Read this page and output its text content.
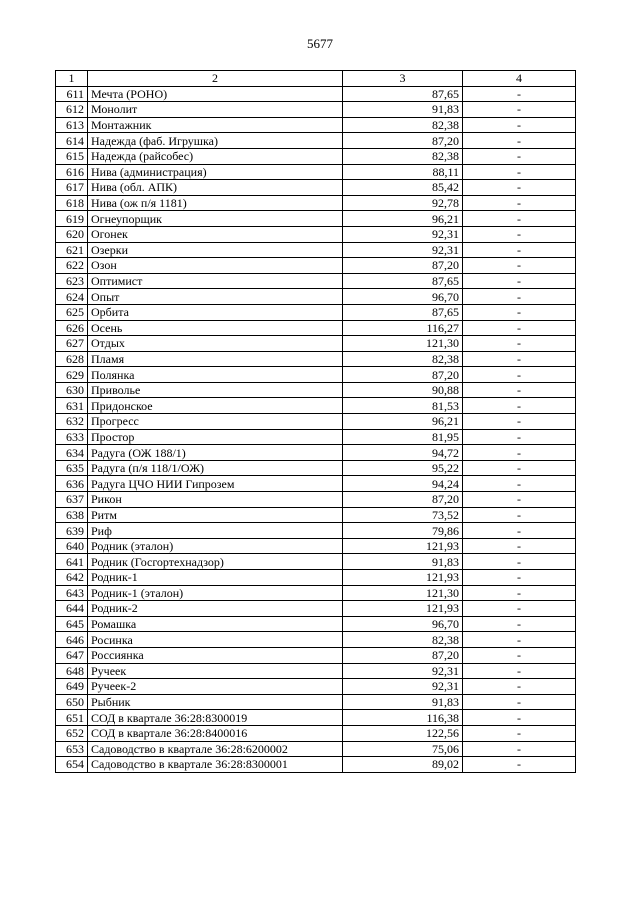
5677
1	2	3	4
611	Мечта (РОНО)	87,65	-
612	Монолит	91,83	-
613	Монтажник	82,38	-
614	Надежда (фаб. Игрушка)	87,20	-
615	Надежда (райсобес)	82,38	-
616	Нива (администрация)	88,11	-
617	Нива (обл. АПК)	85,42	-
618	Нива (ож п/я 1181)	92,78	-
619	Огнеупорщик	96,21	-
620	Огонек	92,31	-
621	Озерки	92,31	-
622	Озон	87,20	-
623	Оптимист	87,65	-
624	Опыт	96,70	-
625	Орбита	87,65	-
626	Осень	116,27	-
627	Отдых	121,30	-
628	Пламя	82,38	-
629	Полянка	87,20	-
630	Приволье	90,88	-
631	Придонское	81,53	-
632	Прогресс	96,21	-
633	Простор	81,95	-
634	Радуга (ОЖ 188/1)	94,72	-
635	Радуга (п/я 118/1/ОЖ)	95,22	-
636	Радуга ЦЧО НИИ Гипрозем	94,24	-
637	Рикон	87,20	-
638	Ритм	73,52	-
639	Риф	79,86	-
640	Родник (эталон)	121,93	-
641	Родник (Госгортехнадзор)	91,83	-
642	Родник-1	121,93	-
643	Родник-1 (эталон)	121,30	-
644	Родник-2	121,93	-
645	Ромашка	96,70	-
646	Росинка	82,38	-
647	Россиянка	87,20	-
648	Ручеек	92,31	-
649	Ручеек-2	92,31	-
650	Рыбник	91,83	-
651	СОД в квартале 36:28:8300019	116,38	-
652	СОД в квартале 36:28:8400016	122,56	-
653	Садоводство в квартале 36:28:6200002	75,06	-
654	Садоводство в квартале 36:28:8300001	89,02	-
